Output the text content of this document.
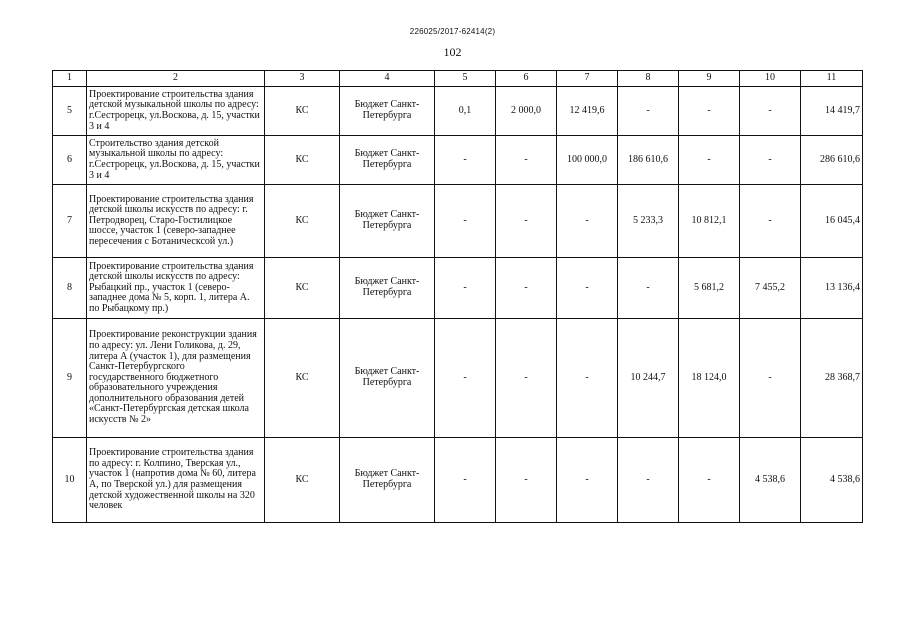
226025/2017-62414(2)
102
1	2	3	4	5	6	7	8	9	10	11
5	Проектирование строительства здания детской музыкальной школы по адресу: г.Сестрорецк, ул.Воскова, д. 15, участки 3 и 4	КС	Бюджет Санкт-Петербурга	0,1	2 000,0	12 419,6	-	-	-	14 419,7
6	Строительство здания детской музыкальной школы по адресу: г.Сестрорецк, ул.Воскова, д. 15, участки 3 и 4	КС	Бюджет Санкт-Петербурга	-	-	100 000,0	186 610,6	-	-	286 610,6
7	Проектирование строительства здания детской школы искусств по адресу: г. Петродворец, Старо-Гостилицкое шоссе, участок 1 (северо-западнее пересечения с Ботаническсой ул.)	КС	Бюджет Санкт-Петербурга	-	-	-	5 233,3	10 812,1	-	16 045,4
8	Проектирование строительства здания детской школы искусств по адресу: Рыбацкий пр., участок 1 (северо-западнее дома № 5, корп. 1, литера А. по Рыбацкому пр.)	КС	Бюджет Санкт-Петербурга	-	-	-	-	5 681,2	7 455,2	13 136,4
9	Проектирование реконструкции здания по адресу: ул. Лени Голикова, д. 29, литера А (участок 1), для размещения Санкт-Петербургского государственного бюджетного образовательного учреждения дополнительного образования детей «Санкт-Петербургская детская школа искусств № 2»	КС	Бюджет Санкт-Петербурга	-	-	-	10 244,7	18 124,0	-	28 368,7
10	Проектирование строительства здания по адресу: г. Колпино, Тверская ул., участок 1 (напротив дома № 60, литера А, по Тверской ул.) для размещения детской художественной школы на 320 человек	КС	Бюджет Санкт-Петербурга	-	-	-	-	-	4 538,6	4 538,6
